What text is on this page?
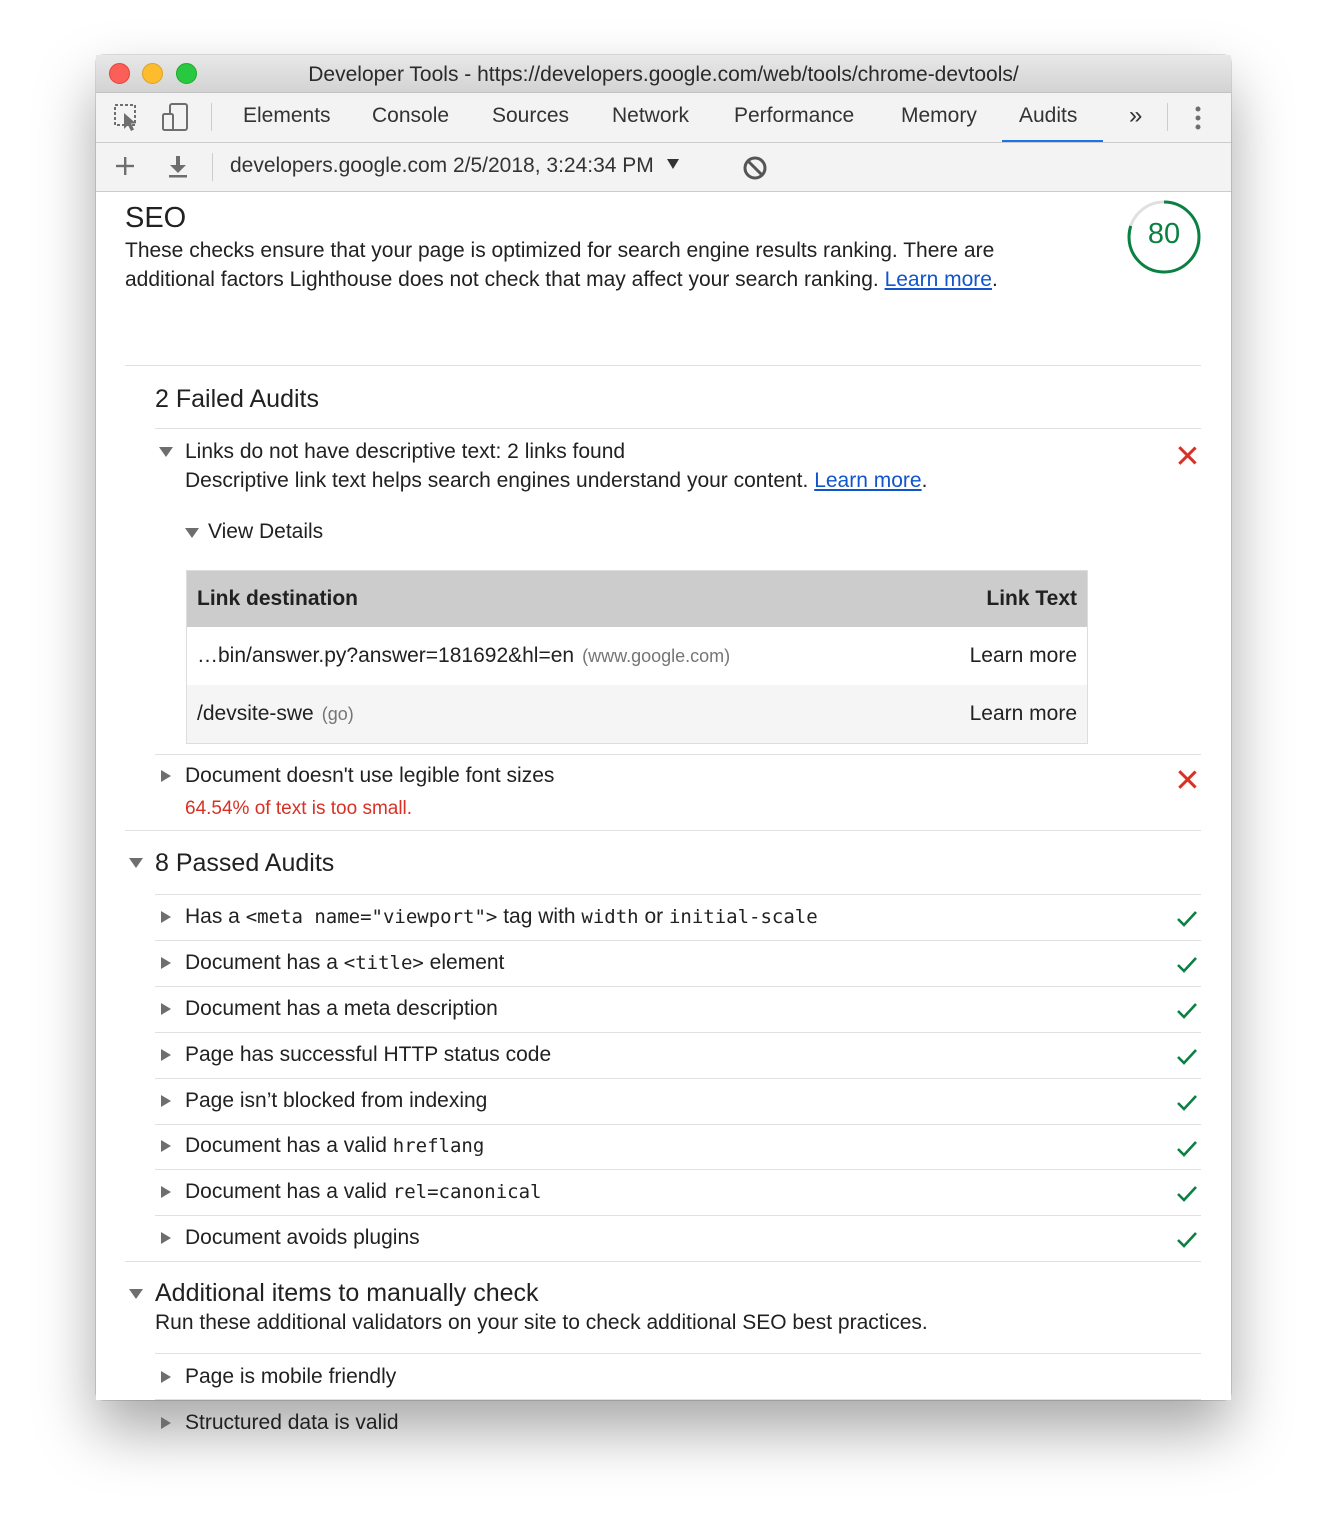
Developer Tools - https://developers.google.com/web/tools/chrome-devtools/
Elements	Console	Sources	Network	Performance	Memory	Audits	»
developers.google.com 2/5/2018, 3:24:34 PM
SEO
These checks ensure that your page is optimized for search engine results ranking. There are additional factors Lighthouse does not check that may affect your search ranking. Learn more.
80
2 Failed Audits
Links do not have descriptive text: 2 links found
Descriptive link text helps search engines understand your content. Learn more.
View Details
Link destination	Link Text
…bin/answer.py?answer=181692&hl=en (www.google.com)	Learn more
/devsite-swe (go)	Learn more
Document doesn't use legible font sizes
64.54% of text is too small.
8 Passed Audits
Has a <meta name="viewport"> tag with width or initial-scale
Document has a <title> element
Document has a meta description
Page has successful HTTP status code
Page isn’t blocked from indexing
Document has a valid hreflang
Document has a valid rel=canonical
Document avoids plugins
Additional items to manually check
Run these additional validators on your site to check additional SEO best practices.
Page is mobile friendly
Structured data is valid
